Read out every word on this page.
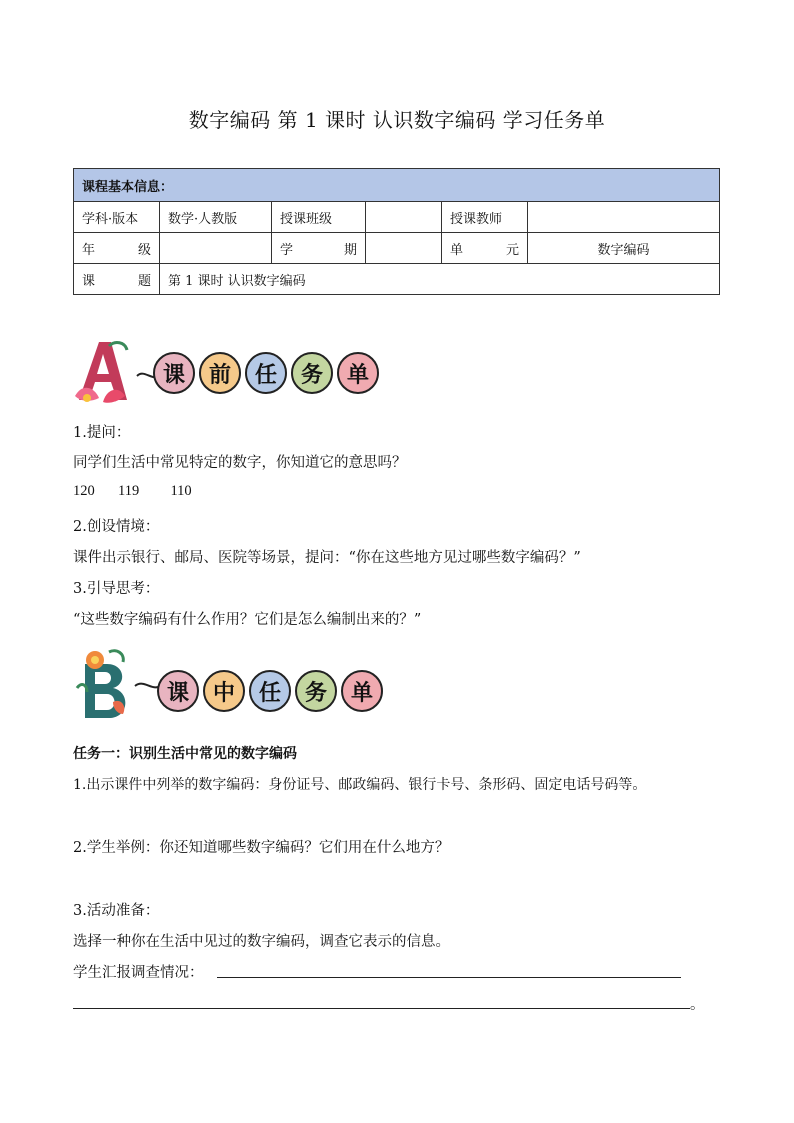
数字编码 第 1 课时 认识数字编码 学习任务单
课程基本信息：					
学科·版本	数学·人教版	授课班级		授课教师	

年 级		学 期		单 元	数字编码

课 题	第 1 课时 认识数字编码				
课 前 任 务 单
1.提问：
同学们生活中常见特定的数字，你知道它的意思吗？
120 119 110
2.创设情境：
课件出示银行、邮局、医院等场景，提问：“你在这些地方见过哪些数字编码？”
3.引导思考：
“这些数字编码有什么作用？它们是怎么编制出来的？”
课 中 任 务 单
任务一：识别生活中常见的数字编码
1.出示课件中列举的数字编码：身份证号、邮政编码、银行卡号、条形码、固定电话号码等。
2.学生举例：你还知道哪些数字编码？它们用在什么地方？
3.活动准备：
选择一种你在生活中见过的数字编码，调查它表示的信息。
学生汇报调查情况：
。
